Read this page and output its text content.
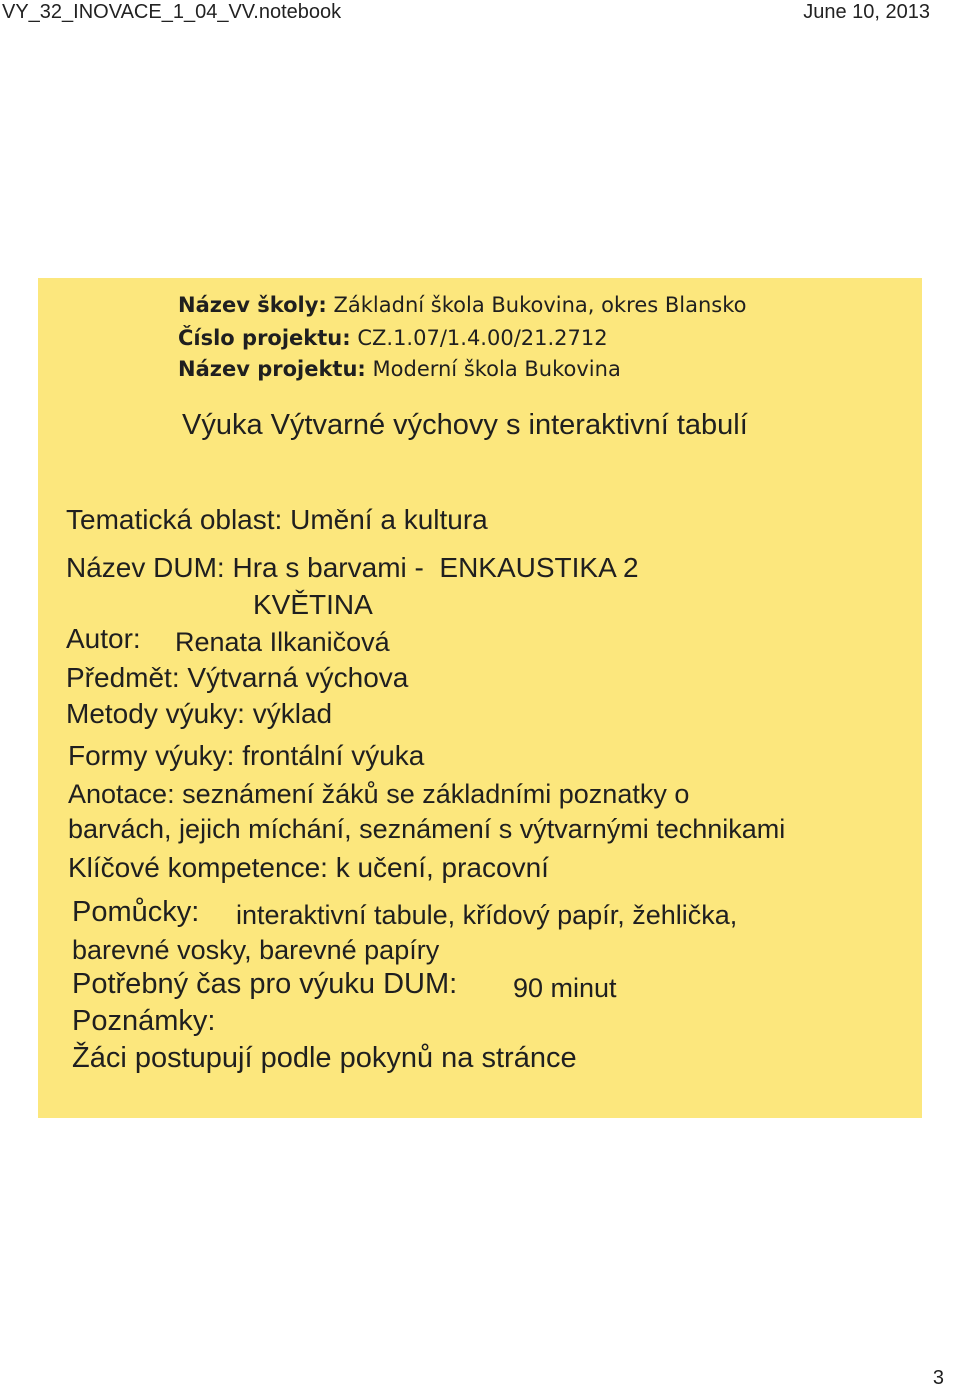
VY_32_INOVACE_1_04_VV.notebook	June 10, 2013
Název školy: Základní škola Bukovina, okres Blansko
Číslo projektu: CZ.1.07/1.4.00/21.2712
Název projektu: Moderní škola Bukovina
Výuka Výtvarné výchovy s interaktivní tabulí
Tematická oblast: Umění a kultura
Název DUM: Hra s barvami -  ENKAUSTIKA 2
KVĚTINA
Autor: Renata Ilkaničová
Předmět: Výtvarná výchova
Metody výuky: výklad
Formy výuky: frontální výuka
Anotace: seznámení žáků se základními poznatky o
barvách, jejich míchání, seznámení s výtvarnými technikami
Klíčové kompetence: k učení, pracovní
Pomůcky: interaktivní tabule, křídový papír, žehlička,
barevné vosky, barevné papíry
Potřebný čas pro výuku DUM: 90 minut
Poznámky:
Žáci postupují podle pokynů na stránce
3
